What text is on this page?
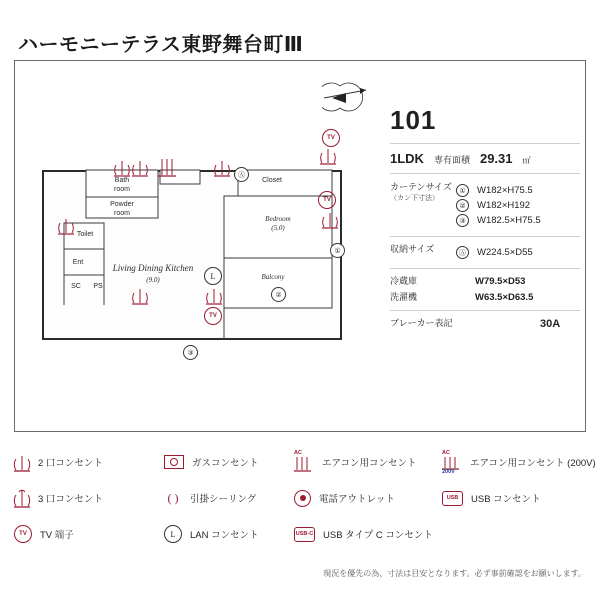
ハーモニーテラス東野舞台町Ⅲ
Bath
room
Powder
room
Toilet
Closet
Bedroom
(5.0)
Living Dining Kitchen
(9.0)	Balcony
Ent
SC	PS
①
②
③
Ⓐ
TV
L
TV
TV
101
1LDK 専有面積 29.31 ㎡
カーテンサイズ
（カン下寸法）
①	W182×H75.5
②	W182×H192
③	W182.5×H75.5
収納サイズ	Ⓐ	W224.5×D55
冷蔵庫	W79.5×D53
洗濯機	W63.5×D63.5
ブレーカー表記	30A
2 口コンセント	ガスコンセント
AC
エアコン用コンセント
AC
200V
エアコン用コンセント (200V)
3 口コンセント	( )	引掛シーリング	電話アウトレット	USB	USB コンセント
TV	TV 端子	L	LAN コンセント	USB-C USB タイプ C コンセント
現況を優先の為、寸法は目安となります。必ず事前確認をお願いします。
